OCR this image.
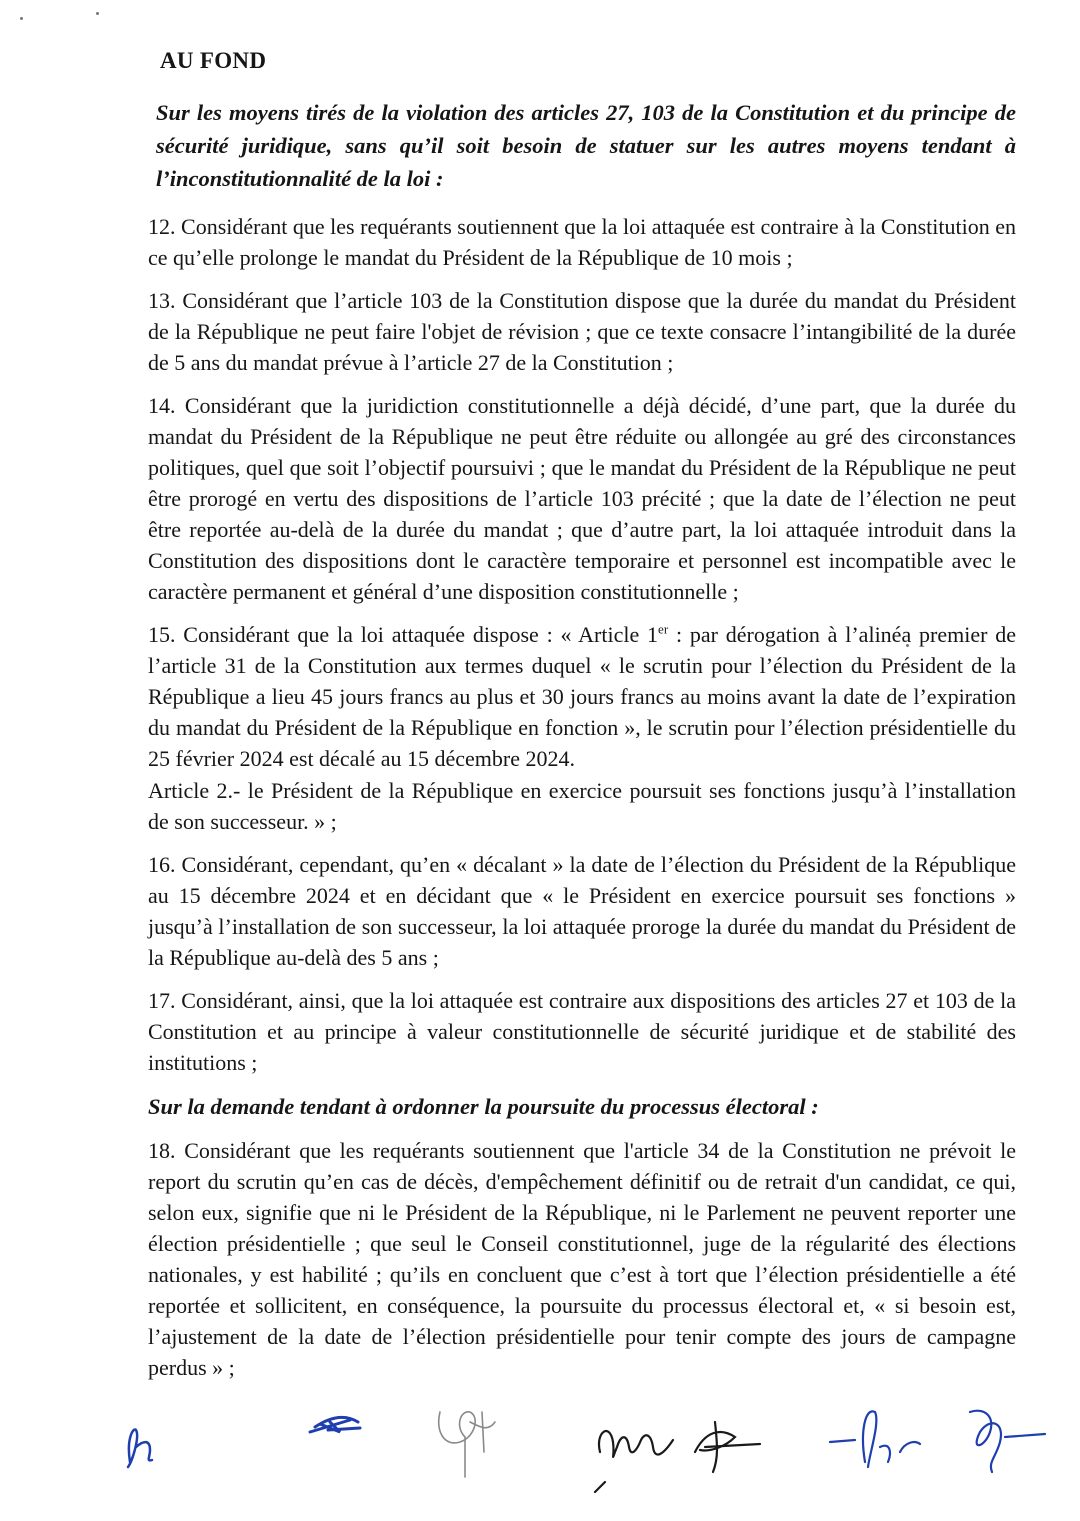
AU FOND
Sur les moyens tirés de la violation des articles 27, 103 de la Constitution et du principe de sécurité juridique, sans qu’il soit besoin de statuer sur les autres moyens tendant à l’inconstitutionnalité de la loi :
12. Considérant que les requérants soutiennent que la loi attaquée est contraire à la Constitution en ce qu’elle prolonge le mandat du Président de la République de 10 mois ;
13. Considérant que l’article 103 de la Constitution dispose que la durée du mandat du Président de la République ne peut faire l'objet de révision ; que ce texte consacre l’intangibilité de la durée de 5 ans du mandat prévue à l’article 27 de la Constitution ;
14. Considérant que la juridiction constitutionnelle a déjà décidé, d’une part, que la durée du mandat du Président de la République ne peut être réduite ou allongée au gré des circonstances politiques, quel que soit l’objectif poursuivi ; que le mandat du Président de la République ne peut être prorogé en vertu des dispositions de l’article 103 précité ; que la date de l’élection ne peut être reportée au-delà de la durée du mandat ; que d’autre part, la loi attaquée introduit dans la Constitution des dispositions dont le caractère temporaire et personnel est incompatible avec le caractère permanent et général d’une disposition constitutionnelle ;

15. Considérant que la loi attaquée dispose : « Article 1er : par dérogation à l’alinéa premier de l’article 31 de la Constitution aux termes duquel « le scrutin pour l’élection du Président de la République a lieu 45 jours francs au plus et 30 jours francs au moins avant la date de l’expiration du mandat du Président de la République en fonction », le scrutin pour l’élection présidentielle du 25 février 2024 est décalé au 15 décembre 2024.

Article 2.- le Président de la République en exercice poursuit ses fonctions jusqu’à l’installation de son successeur. » ;

16. Considérant, cependant, qu’en « décalant » la date de l’élection du Président de la République au 15 décembre 2024 et en décidant que « le Président en exercice poursuit ses fonctions » jusqu’à l’installation de son successeur, la loi attaquée proroge la durée du mandat du Président de la République au-delà des 5 ans ;
17. Considérant, ainsi, que la loi attaquée est contraire aux dispositions des articles 27 et 103 de la Constitution et au principe à valeur constitutionnelle de sécurité juridique et de stabilité des institutions ;
Sur la demande tendant à ordonner la poursuite du processus électoral :
18. Considérant que les requérants soutiennent que l'article 34 de la Constitution ne prévoit le report du scrutin qu’en cas de décès, d'empêchement définitif ou de retrait d'un candidat, ce qui, selon eux, signifie que ni le Président de la République, ni le Parlement ne peuvent reporter une élection présidentielle ; que seul le Conseil constitutionnel, juge de la régularité des élections nationales, y est habilité ; qu’ils en concluent que c’est à tort que l’élection présidentielle a été reportée et sollicitent, en conséquence, la poursuite du processus électoral et, « si besoin est, l’ajustement de la date de l’élection présidentielle pour tenir compte des jours de campagne perdus » ;
